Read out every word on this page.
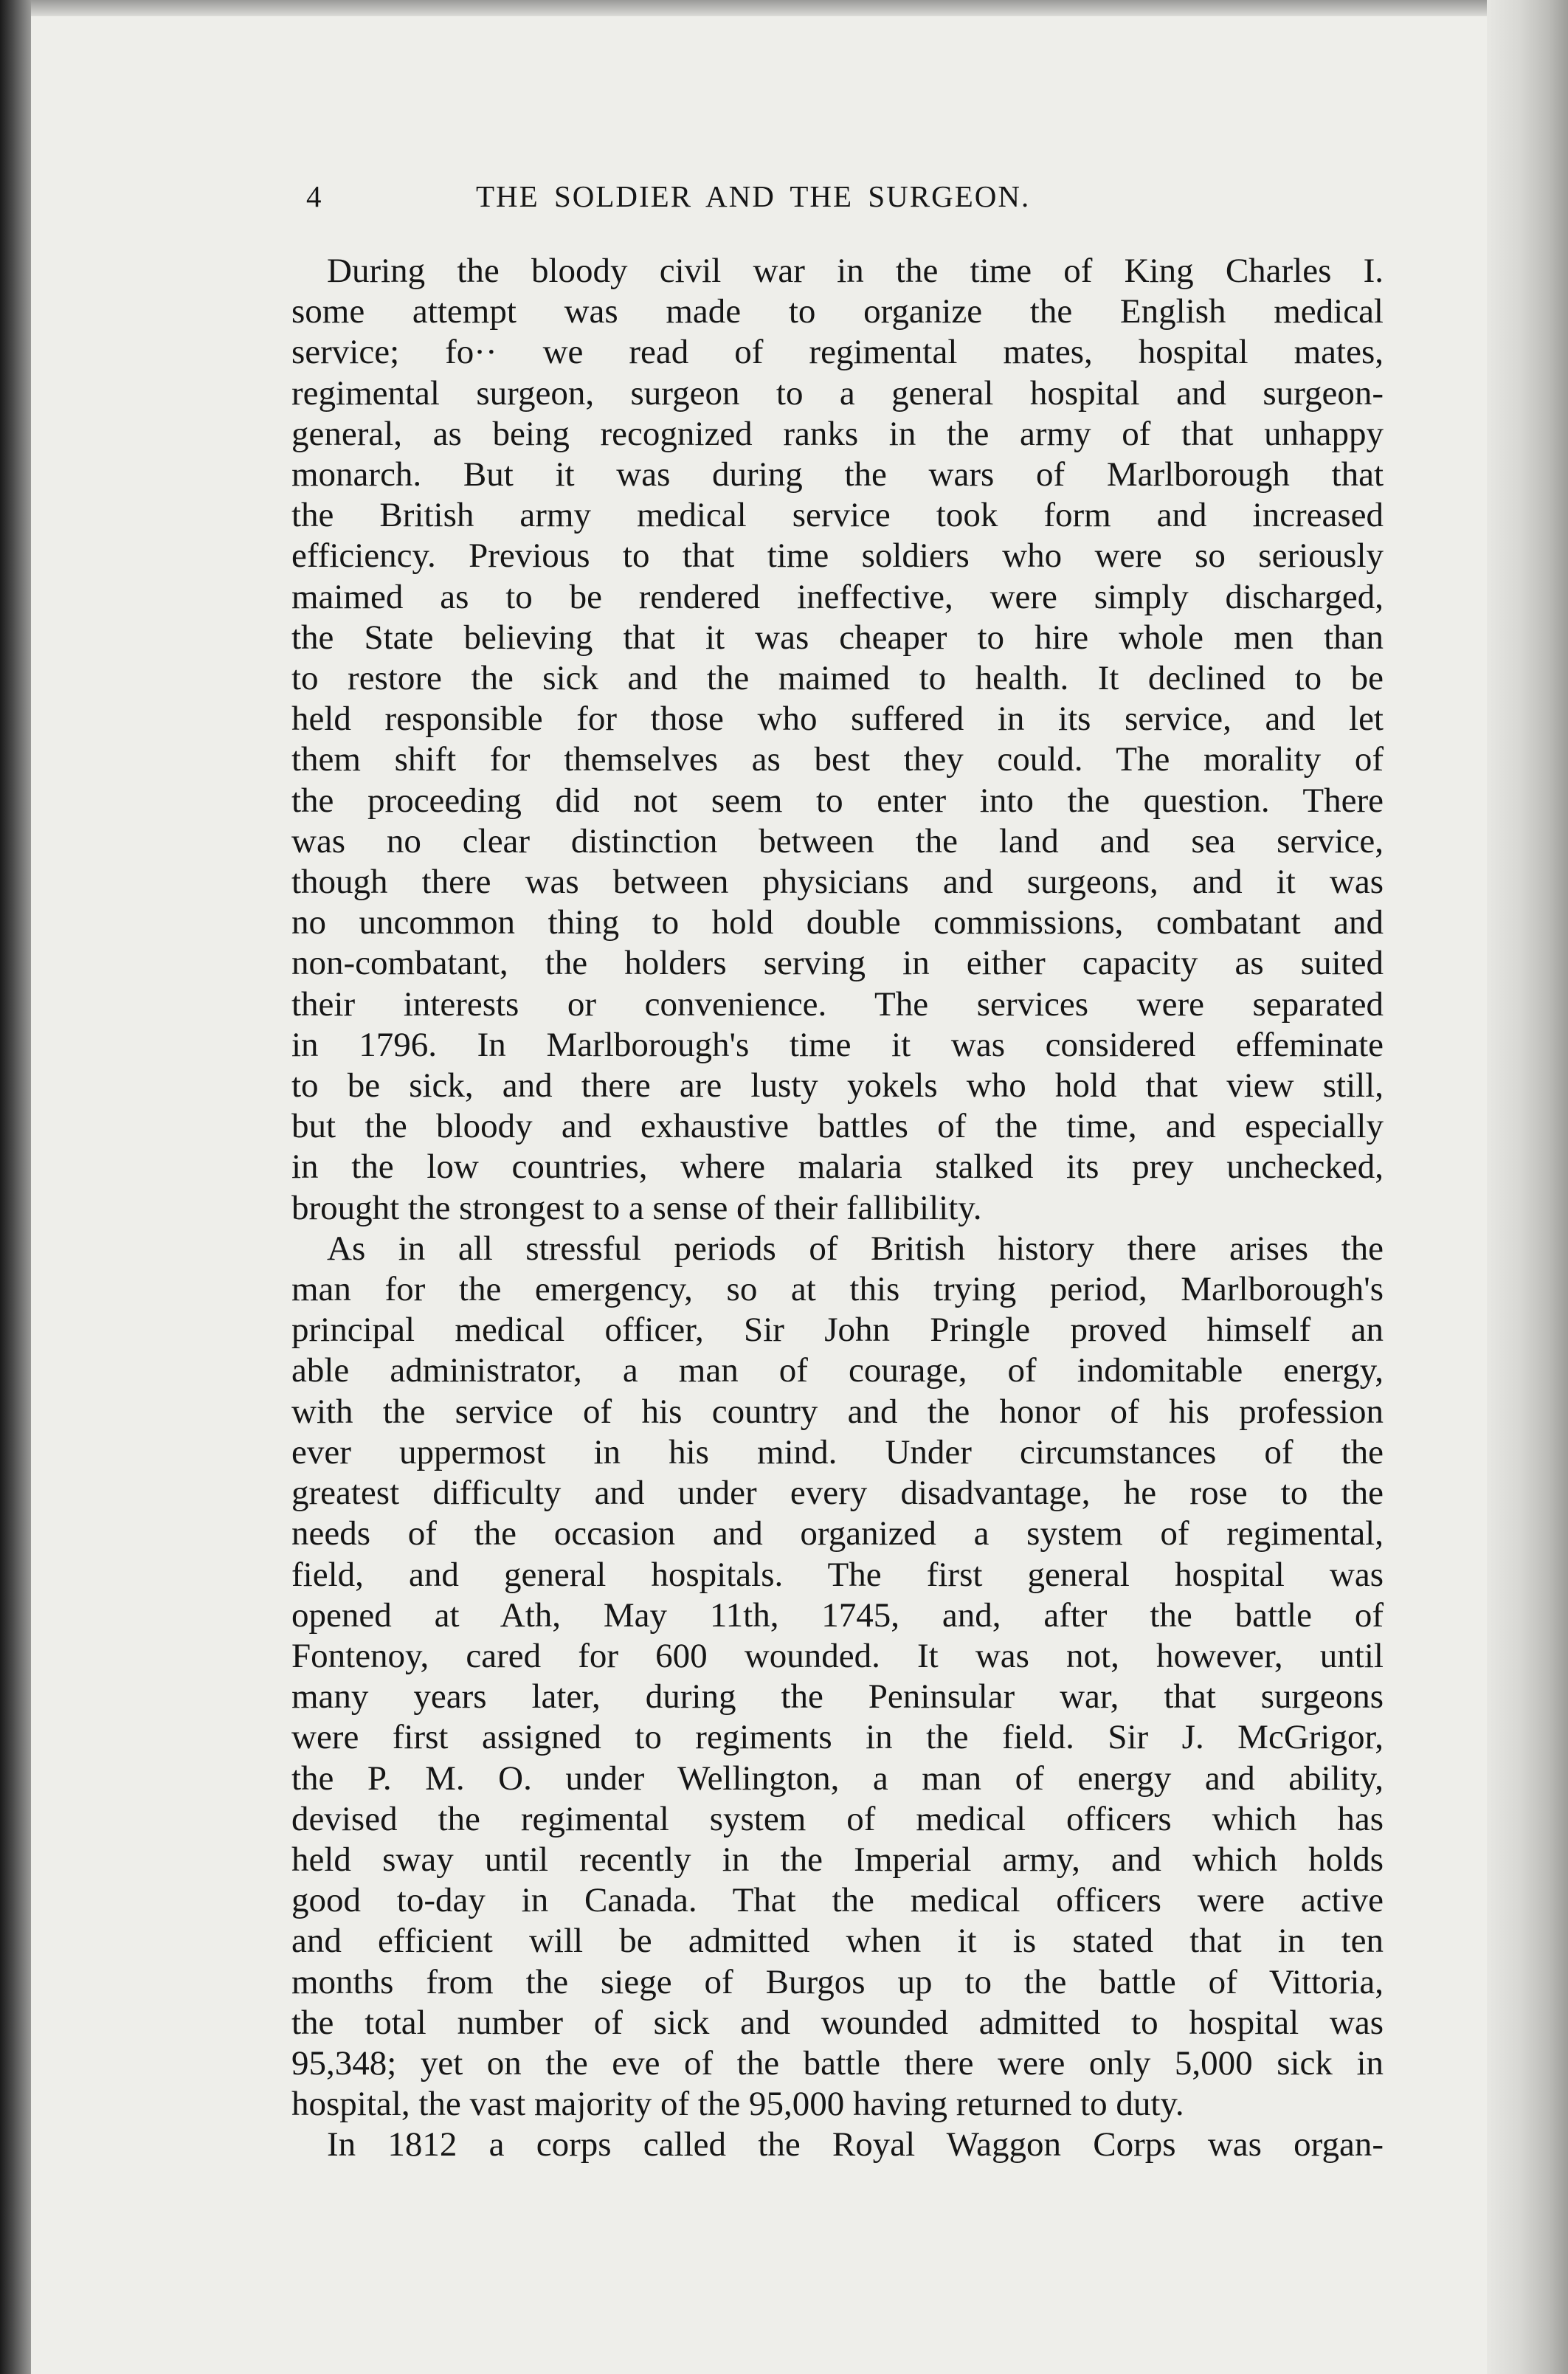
4	THE SOLDIER AND THE SURGEON.
During the bloody civil war in the time of King Charles I.
some attempt was made to organize the English medical
service; fo·· we read of regimental mates, hospital mates,
regimental surgeon, surgeon to a general hospital and surgeon-
general, as being recognized ranks in the army of that unhappy
monarch. But it was during the wars of Marlborough that
the British army medical service took form and increased
efficiency. Previous to that time soldiers who were so seriously
maimed as to be rendered ineffective, were simply discharged,
the State believing that it was cheaper to hire whole men than
to restore the sick and the maimed to health. It declined to be
held responsible for those who suffered in its service, and let
them shift for themselves as best they could. The morality of
the proceeding did not seem to enter into the question. There
was no clear distinction between the land and sea service,
though there was between physicians and surgeons, and it was
no uncommon thing to hold double commissions, combatant and
non-combatant, the holders serving in either capacity as suited
their interests or convenience. The services were separated
in 1796. In Marlborough's time it was considered effeminate
to be sick, and there are lusty yokels who hold that view still,
but the bloody and exhaustive battles of the time, and especially
in the low countries, where malaria stalked its prey unchecked,
brought the strongest to a sense of their fallibility.
As in all stressful periods of British history there arises the
man for the emergency, so at this trying period, Marlborough's
principal medical officer, Sir John Pringle proved himself an
able administrator, a man of courage, of indomitable energy,
with the service of his country and the honor of his profession
ever uppermost in his mind. Under circumstances of the
greatest difficulty and under every disadvantage, he rose to the
needs of the occasion and organized a system of regimental,
field, and general hospitals. The first general hospital was
opened at Ath, May 11th, 1745, and, after the battle of
Fontenoy, cared for 600 wounded. It was not, however, until
many years later, during the Peninsular war, that surgeons
were first assigned to regiments in the field. Sir J. McGrigor,
the P. M. O. under Wellington, a man of energy and ability,
devised the regimental system of medical officers which has
held sway until recently in the Imperial army, and which holds
good to-day in Canada. That the medical officers were active
and efficient will be admitted when it is stated that in ten
months from the siege of Burgos up to the battle of Vittoria,
the total number of sick and wounded admitted to hospital was
95,348; yet on the eve of the battle there were only 5,000 sick in
hospital, the vast majority of the 95,000 having returned to duty.
In 1812 a corps called the Royal Waggon Corps was organ-
